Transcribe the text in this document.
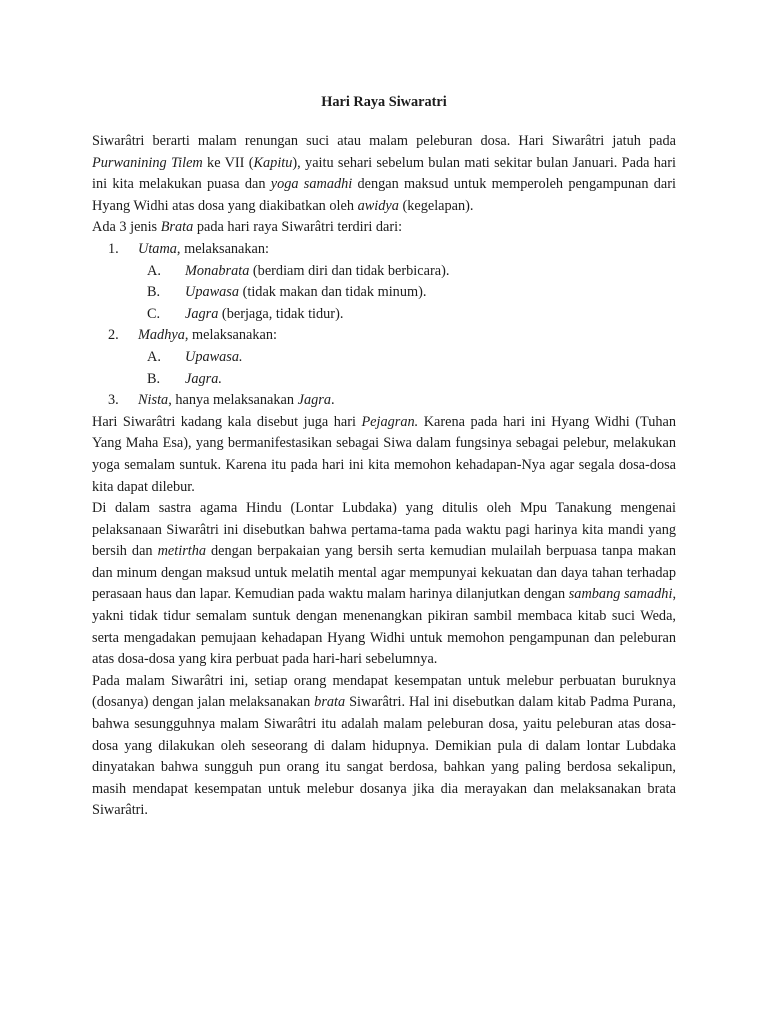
Hari Raya Siwaratri
Siwarâtri berarti malam renungan suci atau malam peleburan dosa. Hari Siwarâtri jatuh pada Purwanining Tilem ke VII (Kapitu), yaitu sehari sebelum bulan mati sekitar bulan Januari. Pada hari ini kita melakukan puasa dan yoga samadhi dengan maksud untuk memperoleh pengampunan dari Hyang Widhi atas dosa yang diakibatkan oleh awidya (kegelapan).
Ada 3 jenis Brata pada hari raya Siwarâtri terdiri dari:
1. Utama, melaksanakan:
A. Monabrata (berdiam diri dan tidak berbicara).
B. Upawasa (tidak makan dan tidak minum).
C. Jagra (berjaga, tidak tidur).
2. Madhya, melaksanakan:
A. Upawasa.
B. Jagra.
3. Nista, hanya melaksanakan Jagra.
Hari Siwarâtri kadang kala disebut juga hari Pejagran. Karena pada hari ini Hyang Widhi (Tuhan Yang Maha Esa), yang bermanifestasikan sebagai Siwa dalam fungsinya sebagai pelebur, melakukan yoga semalam suntuk. Karena itu pada hari ini kita memohon kehadapan-Nya agar segala dosa-dosa kita dapat dilebur.
Di dalam sastra agama Hindu (Lontar Lubdaka) yang ditulis oleh Mpu Tanakung mengenai pelaksanaan Siwarâtri ini disebutkan bahwa pertama-tama pada waktu pagi harinya kita mandi yang bersih dan metirtha dengan berpakaian yang bersih serta kemudian mulailah berpuasa tanpa makan dan minum dengan maksud untuk melatih mental agar mempunyai kekuatan dan daya tahan terhadap perasaan haus dan lapar. Kemudian pada waktu malam harinya dilanjutkan dengan sambang samadhi, yakni tidak tidur semalam suntuk dengan menenangkan pikiran sambil membaca kitab suci Weda, serta mengadakan pemujaan kehadapan Hyang Widhi untuk memohon pengampunan dan peleburan atas dosa-dosa yang kira perbuat pada hari-hari sebelumnya.
Pada malam Siwarâtri ini, setiap orang mendapat kesempatan untuk melebur perbuatan buruknya (dosanya) dengan jalan melaksanakan brata Siwarâtri. Hal ini disebutkan dalam kitab Padma Purana, bahwa sesungguhnya malam Siwarâtri itu adalah malam peleburan dosa, yaitu peleburan atas dosa-dosa yang dilakukan oleh seseorang di dalam hidupnya. Demikian pula di dalam lontar Lubdaka dinyatakan bahwa sungguh pun orang itu sangat berdosa, bahkan yang paling berdosa sekalipun, masih mendapat kesempatan untuk melebur dosanya jika dia merayakan dan melaksanakan brata Siwarâtri.
